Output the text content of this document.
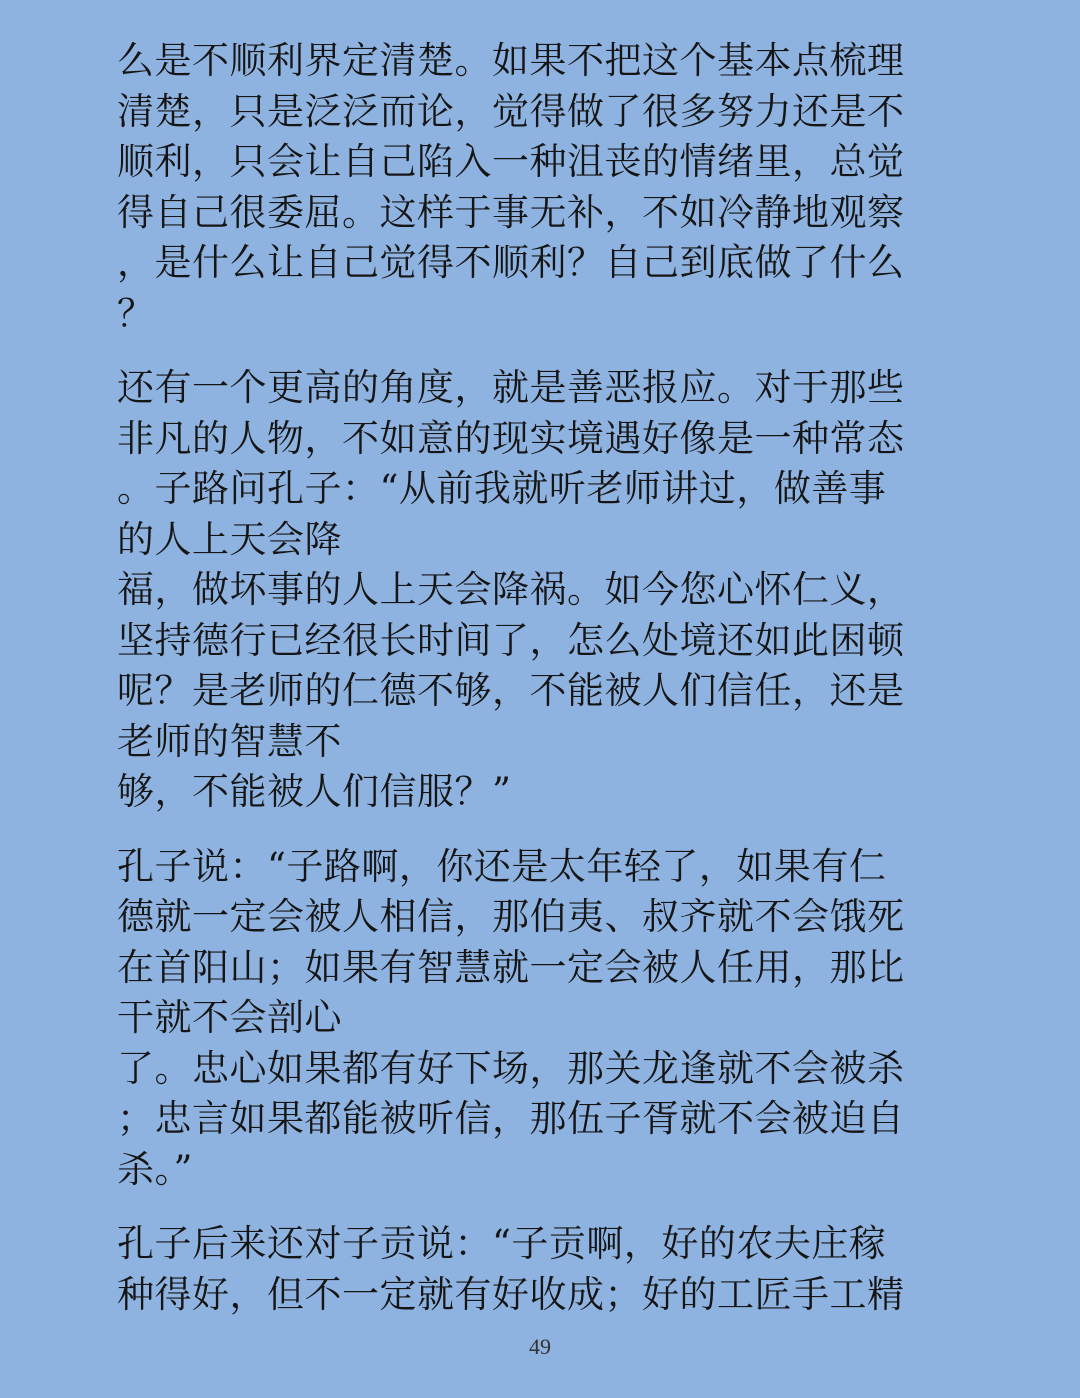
么是不顺利界定清楚。如果不把这个基本点梳理
清楚，只是泛泛而论，觉得做了很多努力还是不
顺利，只会让自己陷入一种沮丧的情绪里，总觉
得自己很委屈。这样于事无补，不如冷静地观察
，是什么让自己觉得不顺利？自己到底做了什么
？
还有一个更高的角度，就是善恶报应。对于那些
非凡的人物，不如意的现实境遇好像是一种常态
。子路问孔子：“从前我就听老师讲过，做善事
的人上天会降
福，做坏事的人上天会降祸。如今您心怀仁义，
坚持德行已经很长时间了，怎么处境还如此困顿
呢？是老师的仁德不够，不能被人们信任，还是
老师的智慧不
够，不能被人们信服？”
孔子说：“子路啊，你还是太年轻了，如果有仁
德就一定会被人相信，那伯夷、叔齐就不会饿死
在首阳山；如果有智慧就一定会被人任用，那比
干就不会剖心
了。忠心如果都有好下场，那关龙逢就不会被杀
；忠言如果都能被听信，那伍子胥就不会被迫自
杀。”
孔子后来还对子贡说：“子贡啊，好的农夫庄稼
种得好，但不一定就有好收成；好的工匠手工精
49
